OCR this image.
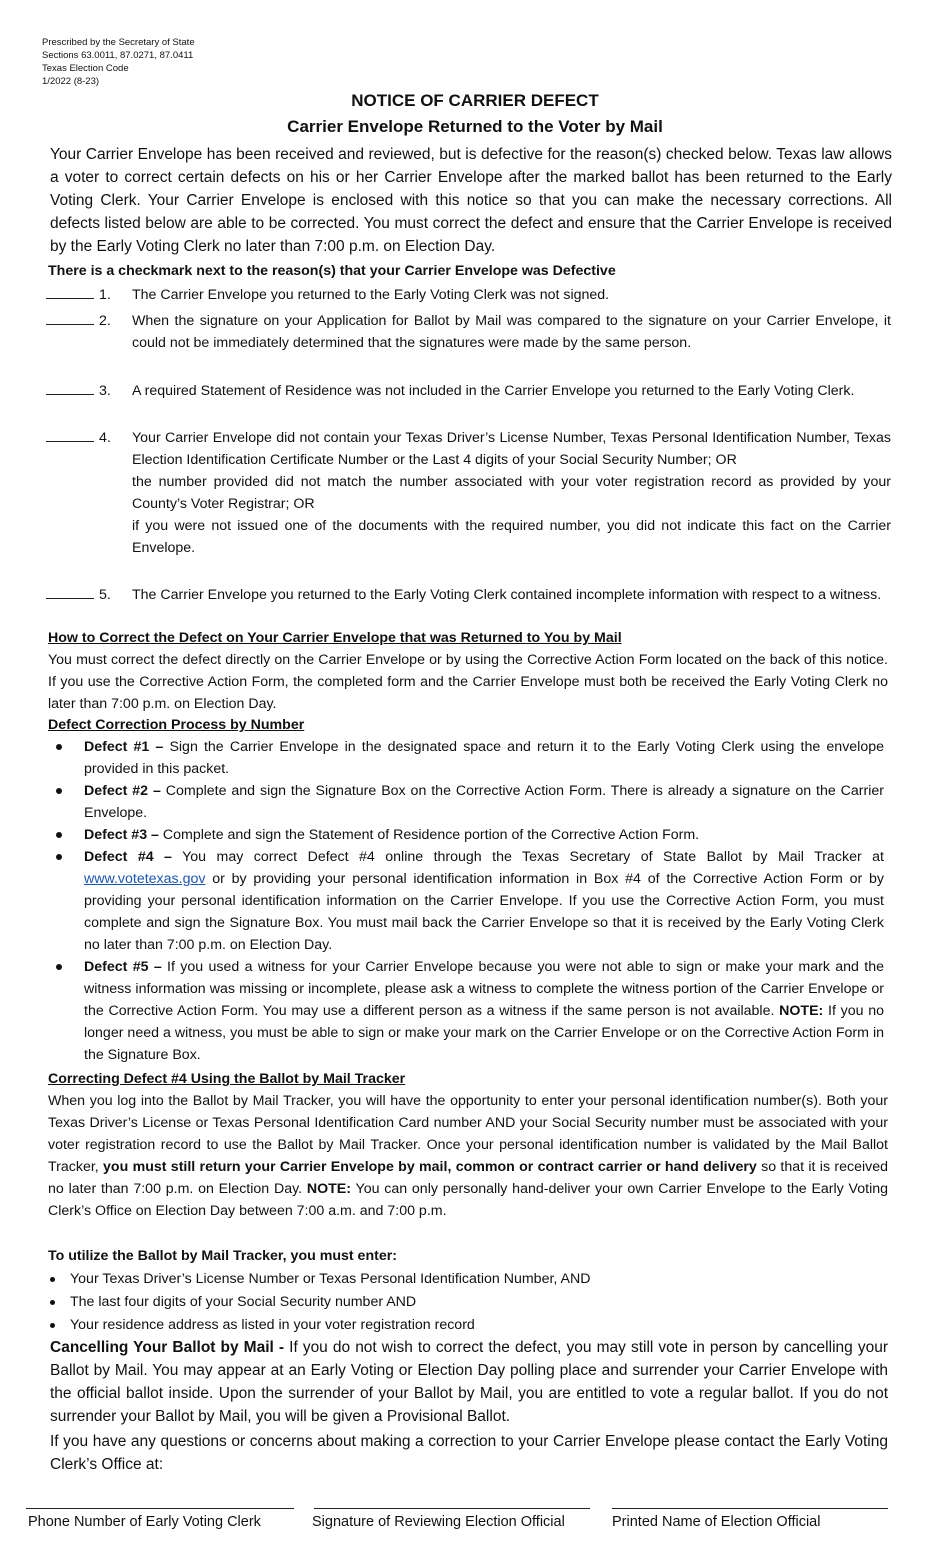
Prescribed by the Secretary of State
Sections 63.0011, 87.0271, 87.0411
Texas Election Code
1/2022 (8-23)
NOTICE OF CARRIER DEFECT
Carrier Envelope Returned to the Voter by Mail
Your Carrier Envelope has been received and reviewed, but is defective for the reason(s) checked below. Texas law allows a voter to correct certain defects on his or her Carrier Envelope after the marked ballot has been returned to the Early Voting Clerk. Your Carrier Envelope is enclosed with this notice so that you can make the necessary corrections. All defects listed below are able to be corrected. You must correct the defect and ensure that the Carrier Envelope is received by the Early Voting Clerk no later than 7:00 p.m. on Election Day.
There is a checkmark next to the reason(s) that your Carrier Envelope was Defective
1. The Carrier Envelope you returned to the Early Voting Clerk was not signed.
2. When the signature on your Application for Ballot by Mail was compared to the signature on your Carrier Envelope, it could not be immediately determined that the signatures were made by the same person.
3. A required Statement of Residence was not included in the Carrier Envelope you returned to the Early Voting Clerk.
4. Your Carrier Envelope did not contain your Texas Driver’s License Number, Texas Personal Identification Number, Texas Election Identification Certificate Number or the Last 4 digits of your Social Security Number; OR
the number provided did not match the number associated with your voter registration record as provided by your County’s Voter Registrar; OR
if you were not issued one of the documents with the required number, you did not indicate this fact on the Carrier Envelope.
5. The Carrier Envelope you returned to the Early Voting Clerk contained incomplete information with respect to a witness.
How to Correct the Defect on Your Carrier Envelope that was Returned to You by Mail
You must correct the defect directly on the Carrier Envelope or by using the Corrective Action Form located on the back of this notice. If you use the Corrective Action Form, the completed form and the Carrier Envelope must both be received the Early Voting Clerk no later than 7:00 p.m. on Election Day.
Defect Correction Process by Number
Defect #1 – Sign the Carrier Envelope in the designated space and return it to the Early Voting Clerk using the envelope provided in this packet.
Defect #2 – Complete and sign the Signature Box on the Corrective Action Form. There is already a signature on the Carrier Envelope.
Defect #3 – Complete and sign the Statement of Residence portion of the Corrective Action Form.
Defect #4 – You may correct Defect #4 online through the Texas Secretary of State Ballot by Mail Tracker at www.votetexas.gov or by providing your personal identification information in Box #4 of the Corrective Action Form or by providing your personal identification information on the Carrier Envelope. If you use the Corrective Action Form, you must complete and sign the Signature Box. You must mail back the Carrier Envelope so that it is received by the Early Voting Clerk no later than 7:00 p.m. on Election Day.
Defect #5 – If you used a witness for your Carrier Envelope because you were not able to sign or make your mark and the witness information was missing or incomplete, please ask a witness to complete the witness portion of the Carrier Envelope or the Corrective Action Form. You may use a different person as a witness if the same person is not available. NOTE: If you no longer need a witness, you must be able to sign or make your mark on the Carrier Envelope or on the Corrective Action Form in the Signature Box.
Correcting Defect #4 Using the Ballot by Mail Tracker
When you log into the Ballot by Mail Tracker, you will have the opportunity to enter your personal identification number(s). Both your Texas Driver’s License or Texas Personal Identification Card number AND your Social Security number must be associated with your voter registration record to use the Ballot by Mail Tracker. Once your personal identification number is validated by the Mail Ballot Tracker, you must still return your Carrier Envelope by mail, common or contract carrier or hand delivery so that it is received no later than 7:00 p.m. on Election Day. NOTE: You can only personally hand-deliver your own Carrier Envelope to the Early Voting Clerk’s Office on Election Day between 7:00 a.m. and 7:00 p.m.
To utilize the Ballot by Mail Tracker, you must enter:
Your Texas Driver’s License Number or Texas Personal Identification Number, AND
The last four digits of your Social Security number AND
Your residence address as listed in your voter registration record
Cancelling Your Ballot by Mail - If you do not wish to correct the defect, you may still vote in person by cancelling your Ballot by Mail. You may appear at an Early Voting or Election Day polling place and surrender your Carrier Envelope with the official ballot inside. Upon the surrender of your Ballot by Mail, you are entitled to vote a regular ballot. If you do not surrender your Ballot by Mail, you will be given a Provisional Ballot.
If you have any questions or concerns about making a correction to your Carrier Envelope please contact the Early Voting Clerk’s Office at:
Phone Number of Early Voting Clerk	Signature of Reviewing Election Official	Printed Name of Election Official
